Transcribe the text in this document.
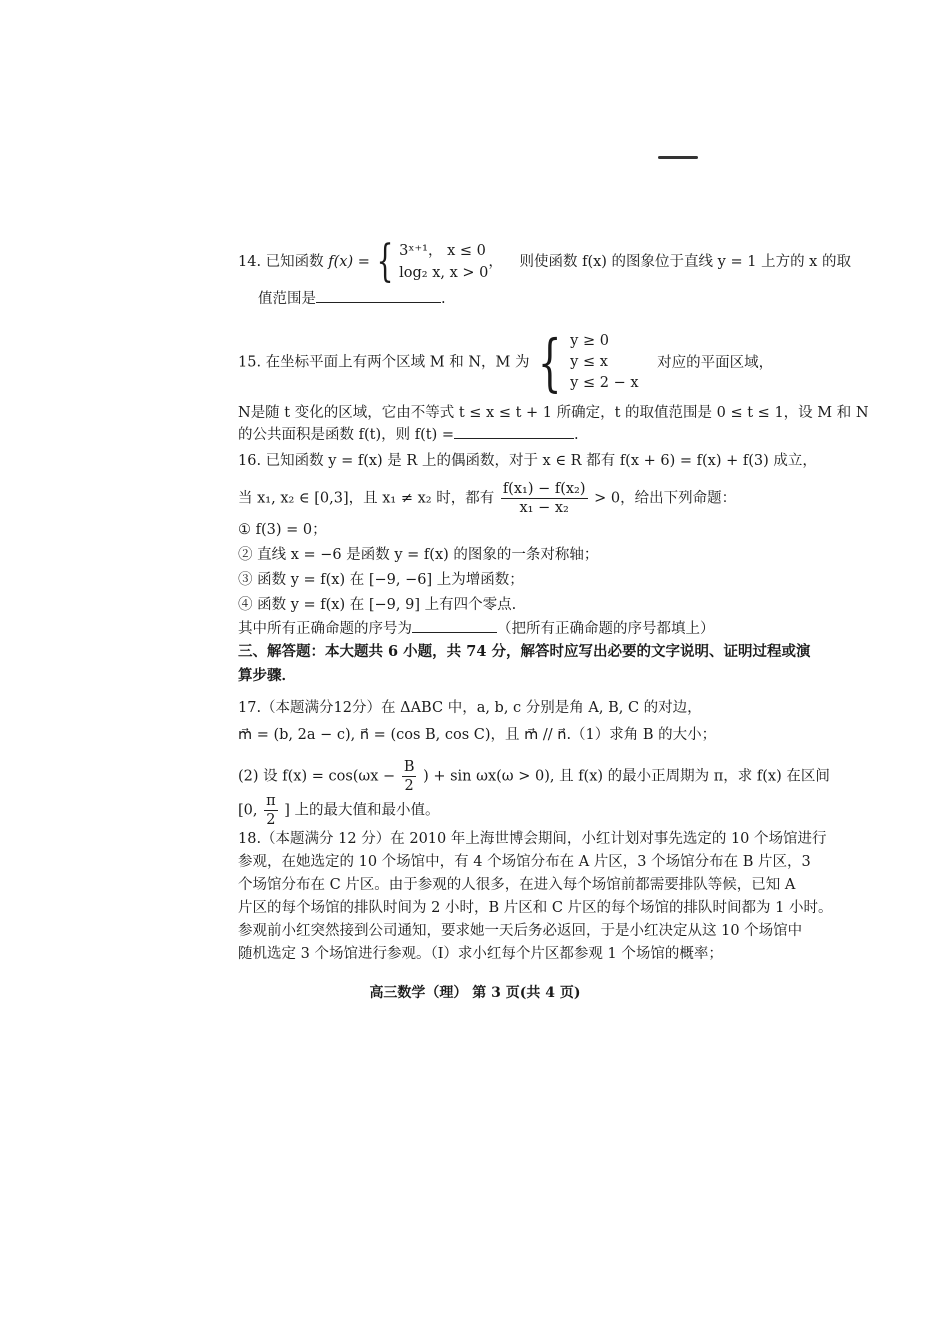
14. 已知函数 f(x) = { 3ˣ⁺¹， x ≤ 0
log₂ x, x > 0
， 则使函数 f(x) 的图象位于直线 y = 1 上方的 x 的取
值范围是	.
15. 在坐标平面上有两个区域 M 和 N，M 为 { y ≥ 0
y ≤ x
y ≤ 2 − x
对应的平面区域，
N是随 t 变化的区域，它由不等式 t ≤ x ≤ t + 1 所确定，t 的取值范围是 0 ≤ t ≤ 1，设 M 和 N
的公共面积是函数 f(t)，则 f(t) =	.
16. 已知函数 y = f(x) 是 R 上的偶函数，对于 x ∈ R 都有 f(x + 6) = f(x) + f(3) 成立，
当 x₁, x₂ ∈ [0,3]，且 x₁ ≠ x₂ 时，都有 $\frac{\text{f(x₁) − f(x₂)}}{\text{x₁ − x₂}} > 0$，给出下列命题：
① f(3) = 0；
② 直线 x = −6 是函数 y = f(x) 的图象的一条对称轴；
③ 函数 y = f(x) 在 [−9, −6] 上为增函数；
④ 函数 y = f(x) 在 [−9, 9] 上有四个零点.
其中所有正确命题的序号为	（把所有正确命题的序号都填上）
三、解答题：本大题共 6 小题，共 74 分，解答时应写出必要的文字说明、证明过程或演
算步骤．
17.（本题满分12分）在 ΔABC 中，a, b, c 分别是角 A, B, C 的对边，
m⃗ = (b, 2a − c), n⃗ = (cos B, cos C)，且 m⃗ // n⃗.（1）求角 B 的大小；
(2) 设 $f(x) = \cos(\omega x - \frac{B}{2}$ ) + sin ωx(ω > 0), 且 f(x) 的最小正周期为 π，求 f(x) 在区间
[0, $\frac{\pi}{2}$ ] 上的最大值和最小值。
18.（本题满分 12 分）在 2010 年上海世博会期间，小红计划对事先选定的 10 个场馆进行
参观，在她选定的 10 个场馆中，有 4 个场馆分布在 A 片区，3 个场馆分布在 B 片区，3
个场馆分布在 C 片区。由于参观的人很多，在进入每个场馆前都需要排队等候，已知 A
片区的每个场馆的排队时间为 2 小时，B 片区和 C 片区的每个场馆的排队时间都为 1 小时。
参观前小红突然接到公司通知，要求她一天后务必返回，于是小红决定从这 10 个场馆中
随机选定 3 个场馆进行参观。（Ⅰ）求小红每个片区都参观 1 个场馆的概率；
高三数学（理） 第 3 页(共 4 页)
